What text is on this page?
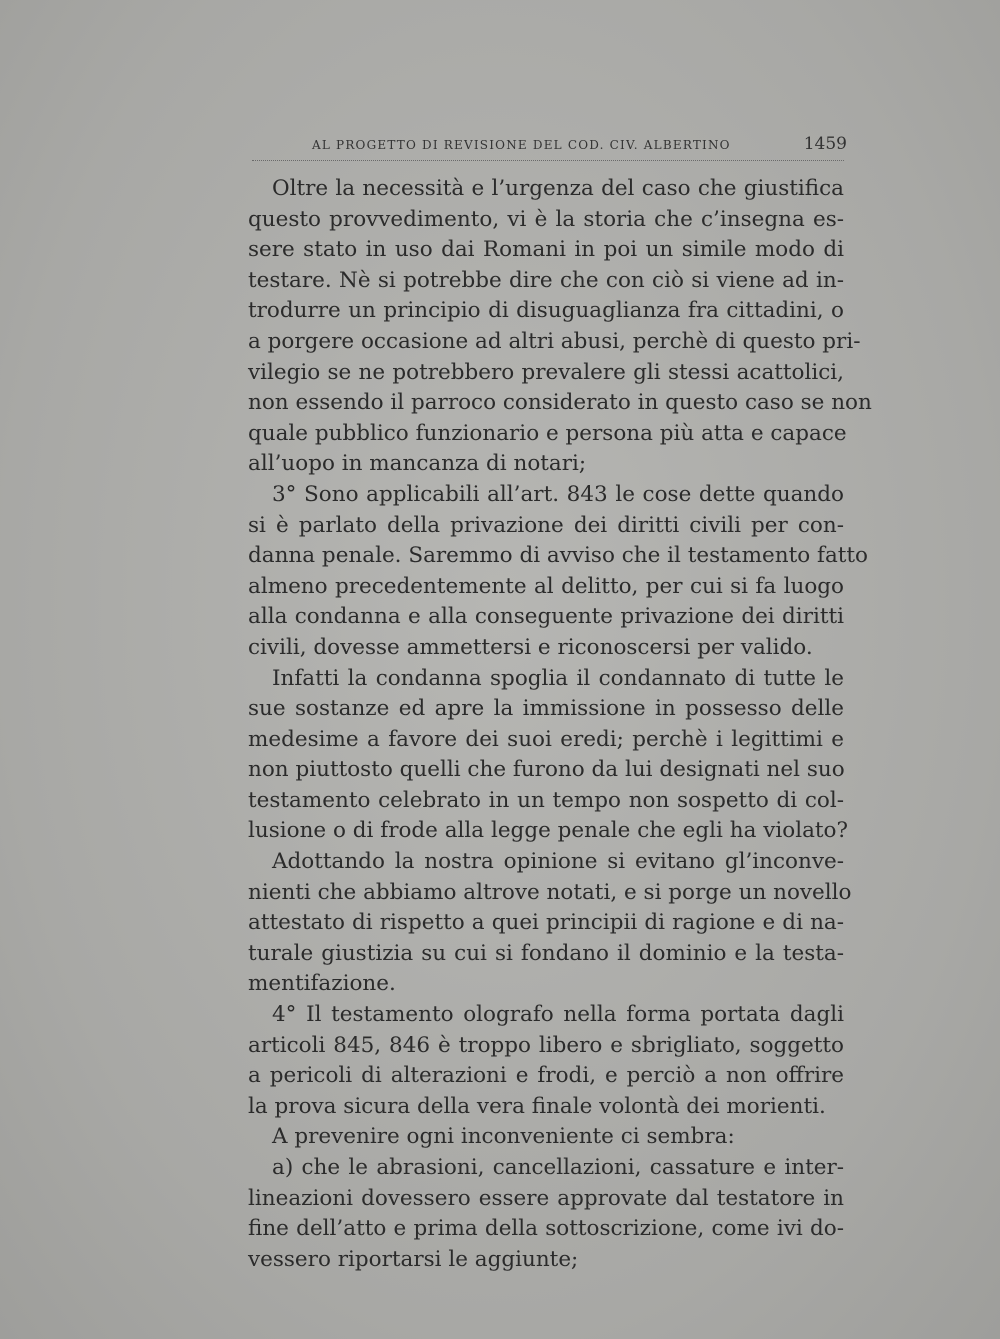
AL PROGETTO DI REVISIONE DEL COD. CIV. ALBERTINO	1459
Oltre la necessità e l’urgenza del caso che giustifica
questo provvedimento, vi è la storia che c’insegna es-
sere stato in uso dai Romani in poi un simile modo di
testare. Nè si potrebbe dire che con ciò si viene ad in-
trodurre un principio di disuguaglianza fra cittadini, o
a porgere occasione ad altri abusi, perchè di questo pri-
vilegio se ne potrebbero prevalere gli stessi acattolici,
non essendo il parroco considerato in questo caso se non
quale pubblico funzionario e persona più atta e capace
all’uopo in mancanza di notari;
3° Sono applicabili all’art. 843 le cose dette quando
si è parlato della privazione dei diritti civili per con-
danna penale. Saremmo di avviso che il testamento fatto
almeno precedentemente al delitto, per cui si fa luogo
alla condanna e alla conseguente privazione dei diritti
civili, dovesse ammettersi e riconoscersi per valido.
Infatti la condanna spoglia il condannato di tutte le
sue sostanze ed apre la immissione in possesso delle
medesime a favore dei suoi eredi; perchè i legittimi e
non piuttosto quelli che furono da lui designati nel suo
testamento celebrato in un tempo non sospetto di col-
lusione o di frode alla legge penale che egli ha violato?
Adottando la nostra opinione si evitano gl’inconve-
nienti che abbiamo altrove notati, e si porge un novello
attestato di rispetto a quei principii di ragione e di na-
turale giustizia su cui si fondano il dominio e la testa-
mentifazione.
4° Il testamento olografo nella forma portata dagli
articoli 845, 846 è troppo libero e sbrigliato, soggetto
a pericoli di alterazioni e frodi, e perciò a non offrire
la prova sicura della vera finale volontà dei morienti.
A prevenire ogni inconveniente ci sembra:
a) che le abrasioni, cancellazioni, cassature e inter-
lineazioni dovessero essere approvate dal testatore in
fine dell’atto e prima della sottoscrizione, come ivi do-
vessero riportarsi le aggiunte;
